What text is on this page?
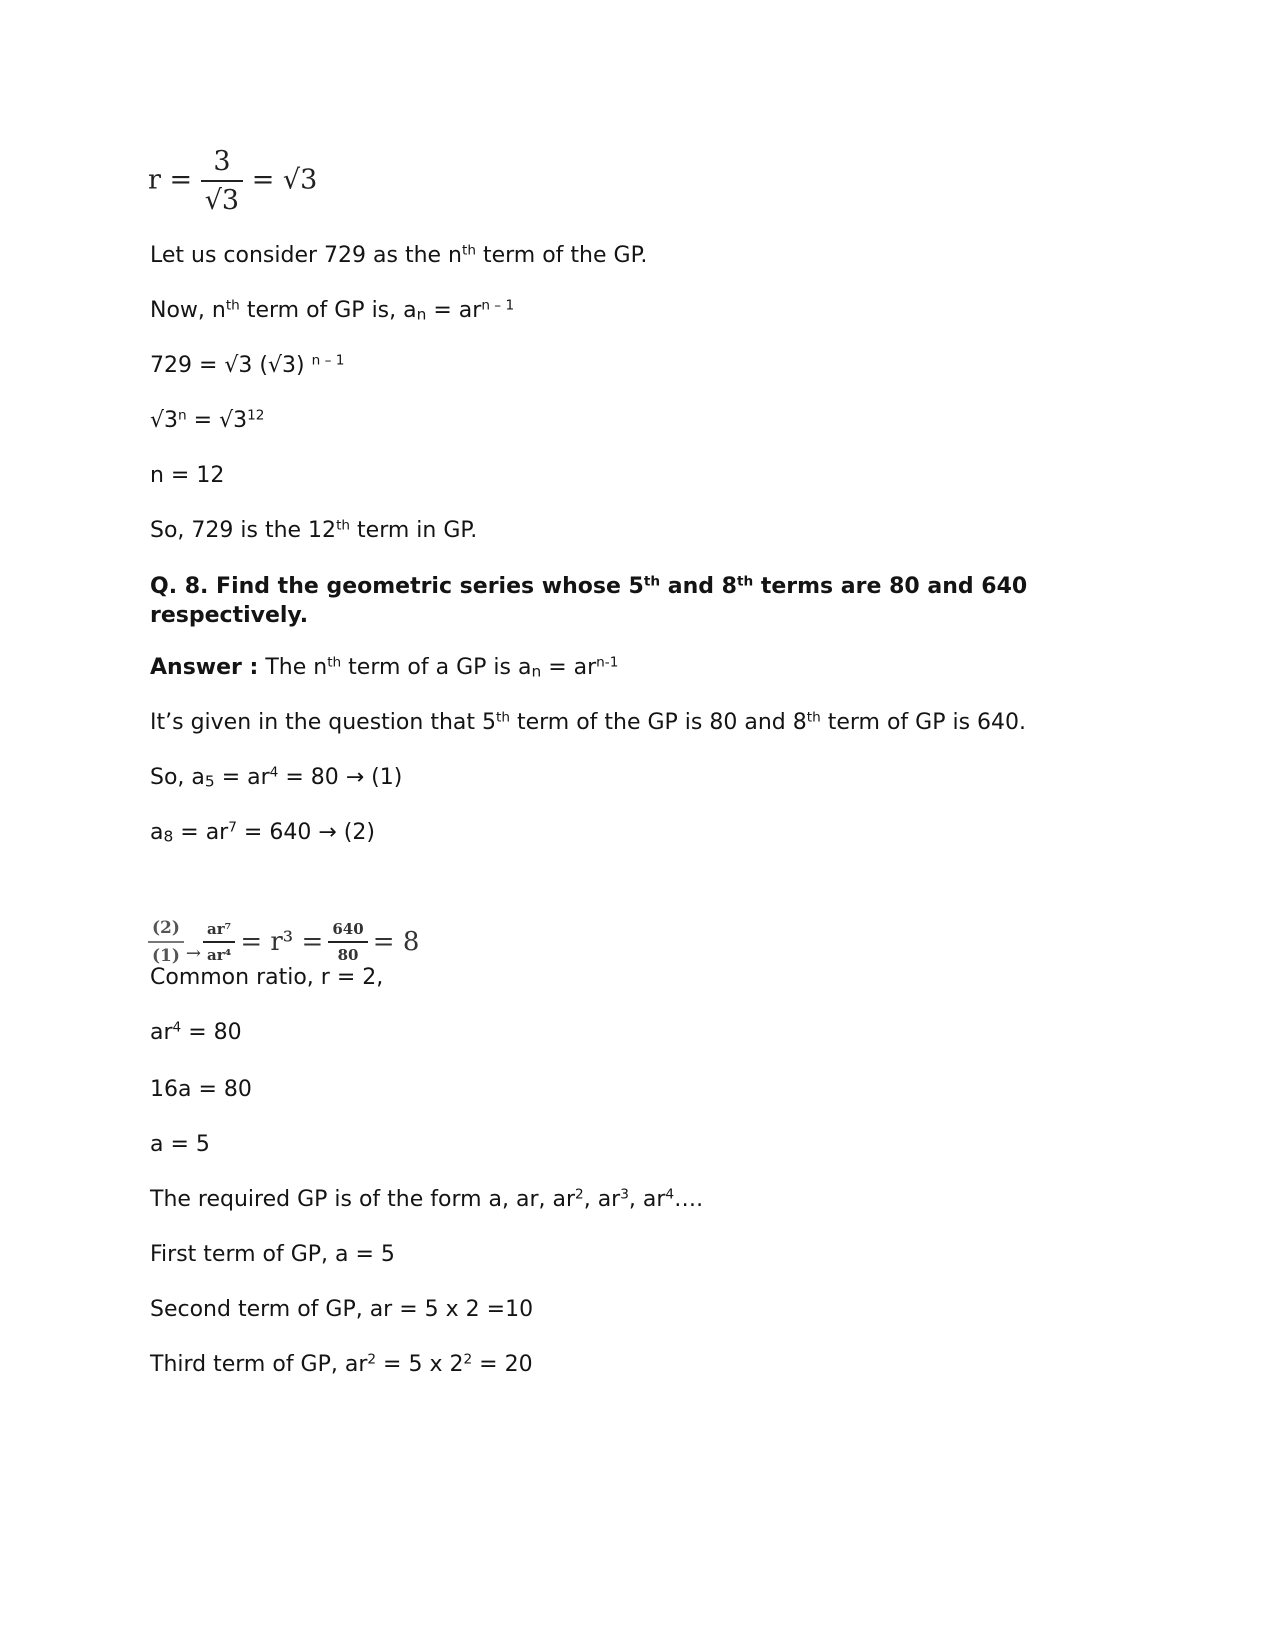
$r = \frac{3}{√3} = √3$
Let us consider 729 as the $n^{th}$ term of the GP.
Now, $n^{th}$ term of GP is, $a_n = ar^{n - 1}$
729 = √3 (√3) $^{n - 1}$
$√3^n = √3^{12}$
n = 12
So, 729 is the 12th term in GP.
Q. 8. Find the geometric series whose 5th and 8th terms are 80 and 640 respectively.
Answer : The $n^{th}$ term of a GP is $a_n = ar^{n-1}$
It’s given in the question that 5th term of the GP is 80 and 8th term of GP is 640.
So, $a_5 = ar^4 = 80 \to (1)$
$a_8 = ar^7 = 640 \to (2)$
$\frac{(2)}{(1)} \to \frac{\text{ar⁷}}{\text{ar⁴}} = r^3 = \frac{640}{80} = 8$
Common ratio, r = 2,
$ar^4 = 80$
16a = 80
a = 5
The required GP is of the form a, ar, $ar^2$, $ar^3$, $ar^4\dots$.
First term of GP, a = 5
Second term of GP, ar = 5 x 2 =10
Third term of GP, $ar^2 = 5$ x $2^2 = 20$
